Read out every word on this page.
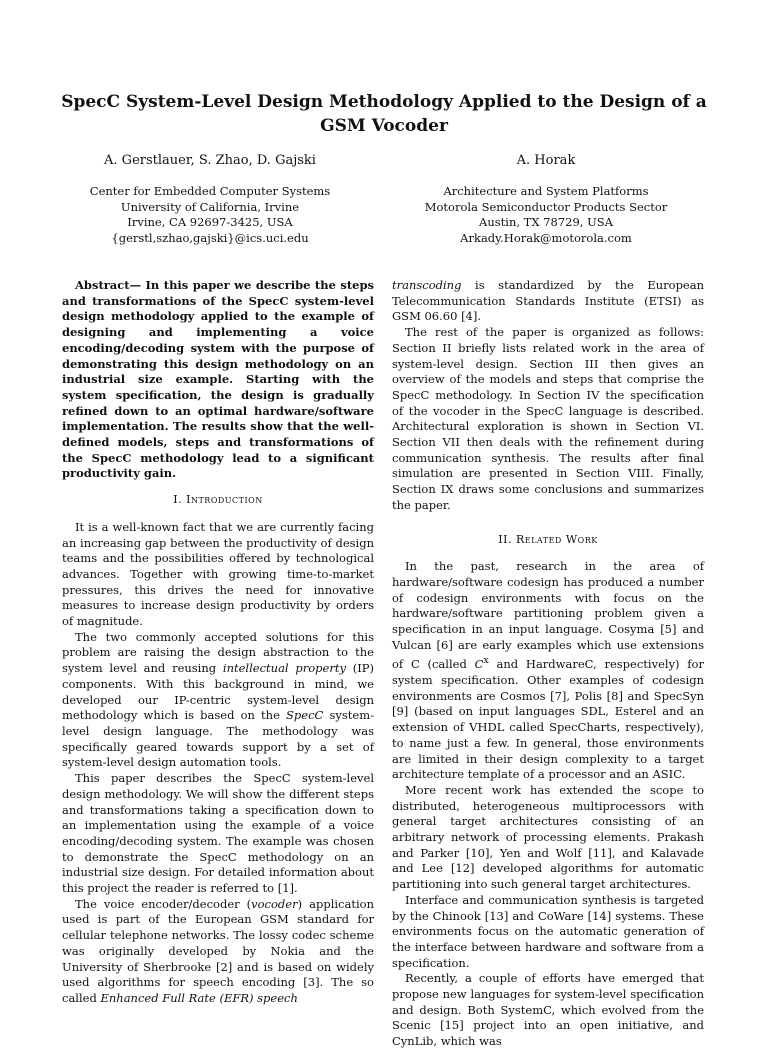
SpecC System-Level Design Methodology Applied to the Design of a GSM Vocoder
A. Gerstlauer, S. Zhao, D. Gajski
Center for Embedded Computer Systems
University of California, Irvine
Irvine, CA 92697-3425, USA
{gerstl,szhao,gajski}@ics.uci.edu
A. Horak
Architecture and System Platforms
Motorola Semiconductor Products Sector
Austin, TX 78729, USA
Arkady.Horak@motorola.com

Abstract— In this paper we describe the steps and transformations of the SpecC system-level design methodology applied to the example of designing and implementing a voice encoding/decoding system with the purpose of demonstrating this design methodology on an industrial size example. Starting with the system specification, the design is gradually refined down to an optimal hardware/software implementation. The results show that the well-defined models, steps and transformations of the SpecC methodology lead to a significant productivity gain.

I. Introduction

It is a well-known fact that we are currently facing an increasing gap between the productivity of design teams and the possibilities offered by technological advances. Together with growing time-to-market pressures, this drives the need for innovative measures to increase design productivity by orders of magnitude.

The two commonly accepted solutions for this problem are raising the design abstraction to the system level and reusing intellectual property (IP) components. With this background in mind, we developed our IP-centric system-level design methodology which is based on the SpecC system-level design language. The methodology was specifically geared towards support by a set of system-level design automation tools.

This paper describes the SpecC system-level design methodology. We will show the different steps and transformations taking a specification down to an implementation using the example of a voice encoding/decoding system. The example was chosen to demonstrate the SpecC methodology on an industrial size design. For detailed information about this project the reader is referred to [1].

The voice encoder/decoder (vocoder) application used is part of the European GSM standard for cellular telephone networks. The lossy codec scheme was originally developed by Nokia and the University of Sherbrooke [2] and is based on widely used algorithms for speech encoding [3]. The so called Enhanced Full Rate (EFR) speech

transcoding is standardized by the European Telecommunication Standards Institute (ETSI) as GSM 06.60 [4].

The rest of the paper is organized as follows: Section II briefly lists related work in the area of system-level design. Section III then gives an overview of the models and steps that comprise the SpecC methodology. In Section IV the specification of the vocoder in the SpecC language is described. Architectural exploration is shown in Section VI. Section VII then deals with the refinement during communication synthesis. The results after final simulation are presented in Section VIII. Finally, Section IX draws some conclusions and summarizes the paper.

II. Related Work

In the past, research in the area of hardware/software codesign has produced a number of codesign environments with focus on the hardware/software partitioning problem given a specification in an input language. Cosyma [5] and Vulcan [6] are early examples which use extensions of C (called $C^x$ and HardwareC, respectively) for system specification. Other examples of codesign environments are Cosmos [7], Polis [8] and SpecSyn [9] (based on input languages SDL, Esterel and an extension of VHDL called SpecCharts, respectively), to name just a few. In general, those environments are limited in their design complexity to a target architecture template of a processor and an ASIC.

More recent work has extended the scope to distributed, heterogeneous multiprocessors with general target architectures consisting of an arbitrary network of processing elements. Prakash and Parker [10], Yen and Wolf [11], and Kalavade and Lee [12] developed algorithms for automatic partitioning into such general target architectures.

Interface and communication synthesis is targeted by the Chinook [13] and CoWare [14] systems. These environments focus on the automatic generation of the interface between hardware and software from a specification.

Recently, a couple of efforts have emerged that propose new languages for system-level specification and design. Both SystemC, which evolved from the Scenic [15] project into an open initiative, and CynLib, which was
